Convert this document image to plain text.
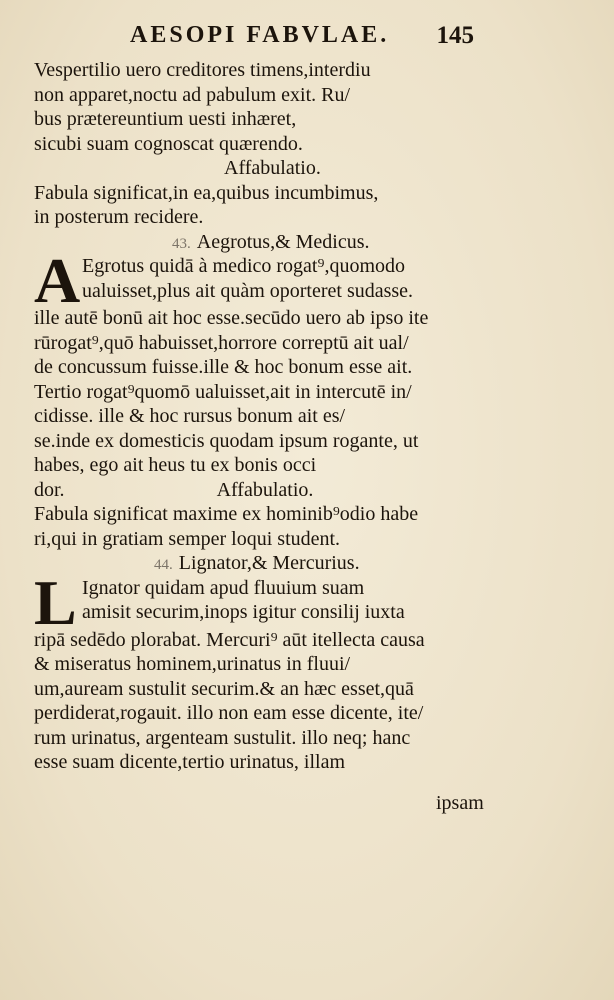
AESOPI FABVLAE. 145
Vespertilio uero creditores timens,interdiu
non apparet,noctu ad pabulum exit. Ru/
bus prætereuntium uesti inhæret,
sicubi suam cognoscat quærendo.
Affabulatio.
Fabula significat,in ea,quibus incumbimus,
in posterum recidere.
43. Aegrotus,& Medicus.
A Egrotus quidā à medico rogat⁹,quomodo
ualuisset,plus ait quàm oporteret sudasse.
ille autē bonū ait hoc esse.secūdo uero ab ipso ite
rūrogat⁹,quō habuisset,horrore correptū ait ual/
de concussum fuisse.ille & hoc bonum esse ait.
Tertio rogat⁹quomō ualuisset,ait in intercutē in/
cidisse. ille & hoc rursus bonum ait es/
se.inde ex domesticis quodam ipsum rogante, ut
habes, ego ait heus tu ex bonis occi
dor.	Affabulatio.
Fabula significat maxime ex hominib⁹odio habe
ri,qui in gratiam semper loqui student.
44. Lignator,& Mercurius.
L Ignator quidam apud fluuium suam
amisit securim,inops igitur consilij iuxta
ripā sedēdo plorabat. Mercuri⁹ aūt itellecta causa
& miseratus hominem,urinatus in fluui/
um,auream sustulit securim.& an hæc esset,quā
perdiderat,rogauit. illo non eam esse dicente, ite/
rum urinatus, argenteam sustulit. illo neq; hanc
esse suam dicente,tertio urinatus, illam
ipsam
